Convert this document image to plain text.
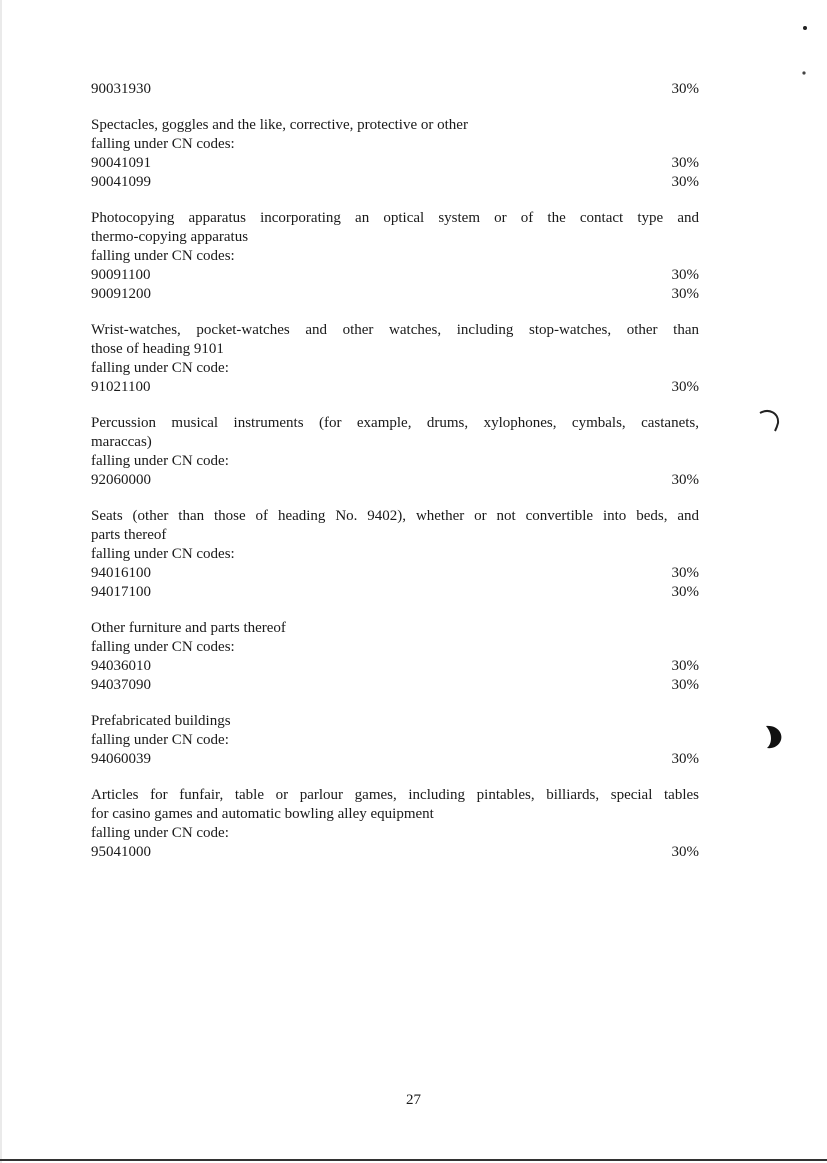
90031930	30%
Spectacles, goggles and the like, corrective, protective or other
falling under CN codes:
90041091	30%
90041099	30%
Photocopying apparatus incorporating an optical system or of the contact type and
thermo-copying apparatus
falling under CN codes:
90091100	30%
90091200	30%
Wrist-watches, pocket-watches and other watches, including stop-watches, other than
those of heading 9101
falling under CN code:
91021100	30%
Percussion musical instruments (for example, drums, xylophones, cymbals, castanets,
maraccas)
falling under CN code:
92060000	30%
Seats (other than those of heading No. 9402), whether or not convertible into beds, and
parts thereof
falling under CN codes:
94016100	30%
94017100	30%
Other furniture and parts thereof
falling under CN codes:
94036010	30%
94037090	30%
Prefabricated buildings
falling under CN code:
94060039	30%
Articles for funfair, table or parlour games, including pintables, billiards, special tables
for casino games and automatic bowling alley equipment
falling under CN code:
95041000	30%
27
